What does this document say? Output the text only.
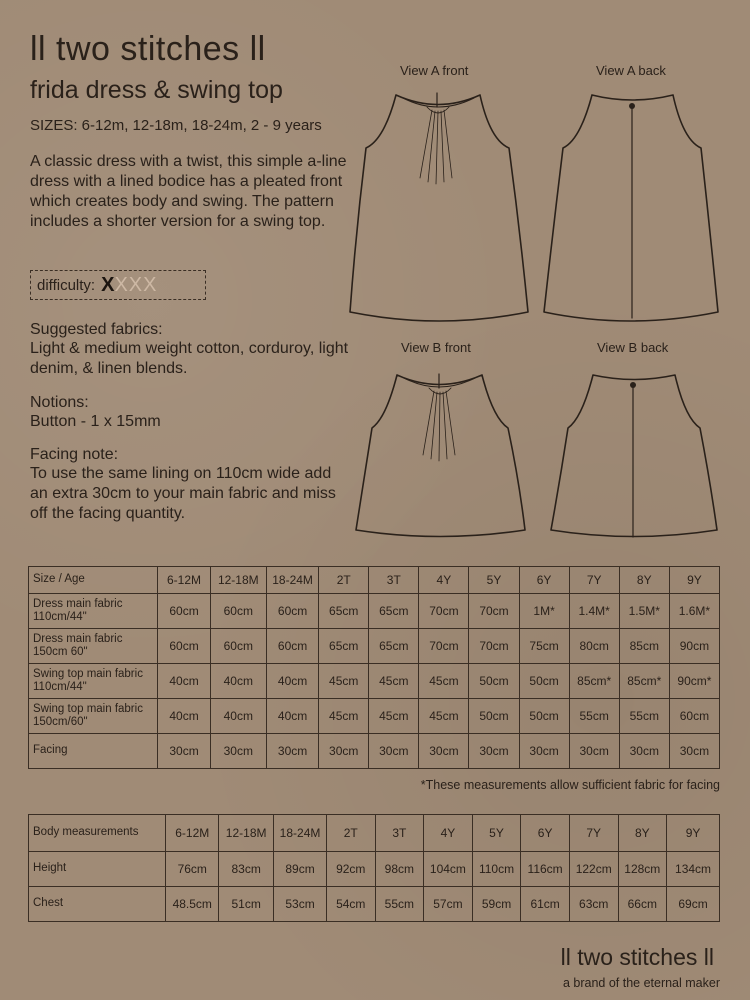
ll two stitches ll
frida dress & swing top
SIZES: 6-12m, 12-18m, 18-24m, 2 - 9 years
A classic dress with a twist, this simple a-line dress with a lined bodice has a pleated front which creates body and swing. The pattern includes a shorter version for a swing top.
difficulty: X XXX
Suggested fabrics:
Light & medium weight cotton, corduroy, light denim, & linen blends.
Notions:
Button - 1 x 15mm
Facing note:
To use the same lining on 110cm wide add an extra 30cm to your main fabric and miss off the facing quantity.
View A front	View A back
View B front	View B back
Size / Age	6-12M	12-18M	18-24M	2T	3T	4Y	5Y	6Y	7Y	8Y	9Y
Dress main fabric 110cm/44"	60cm	60cm	60cm	65cm	65cm	70cm	70cm	1M*	1.4M*	1.5M*	1.6M*
Dress main fabric 150cm 60"	60cm	60cm	60cm	65cm	65cm	70cm	70cm	75cm	80cm	85cm	90cm
Swing top main fabric 110cm/44"	40cm	40cm	40cm	45cm	45cm	45cm	50cm	50cm	85cm*	85cm*	90cm*
Swing top main fabric 150cm/60"	40cm	40cm	40cm	45cm	45cm	45cm	50cm	50cm	55cm	55cm	60cm
Facing	30cm	30cm	30cm	30cm	30cm	30cm	30cm	30cm	30cm	30cm	30cm
*These measurements allow sufficient fabric for facing
Body measurements	6-12M	12-18M	18-24M	2T	3T	4Y	5Y	6Y	7Y	8Y	9Y
Height	76cm	83cm	89cm	92cm	98cm	104cm	110cm	116cm	122cm	128cm	134cm
Chest	48.5cm	51cm	53cm	54cm	55cm	57cm	59cm	61cm	63cm	66cm	69cm
ll two stitches ll
a brand of the eternal maker
